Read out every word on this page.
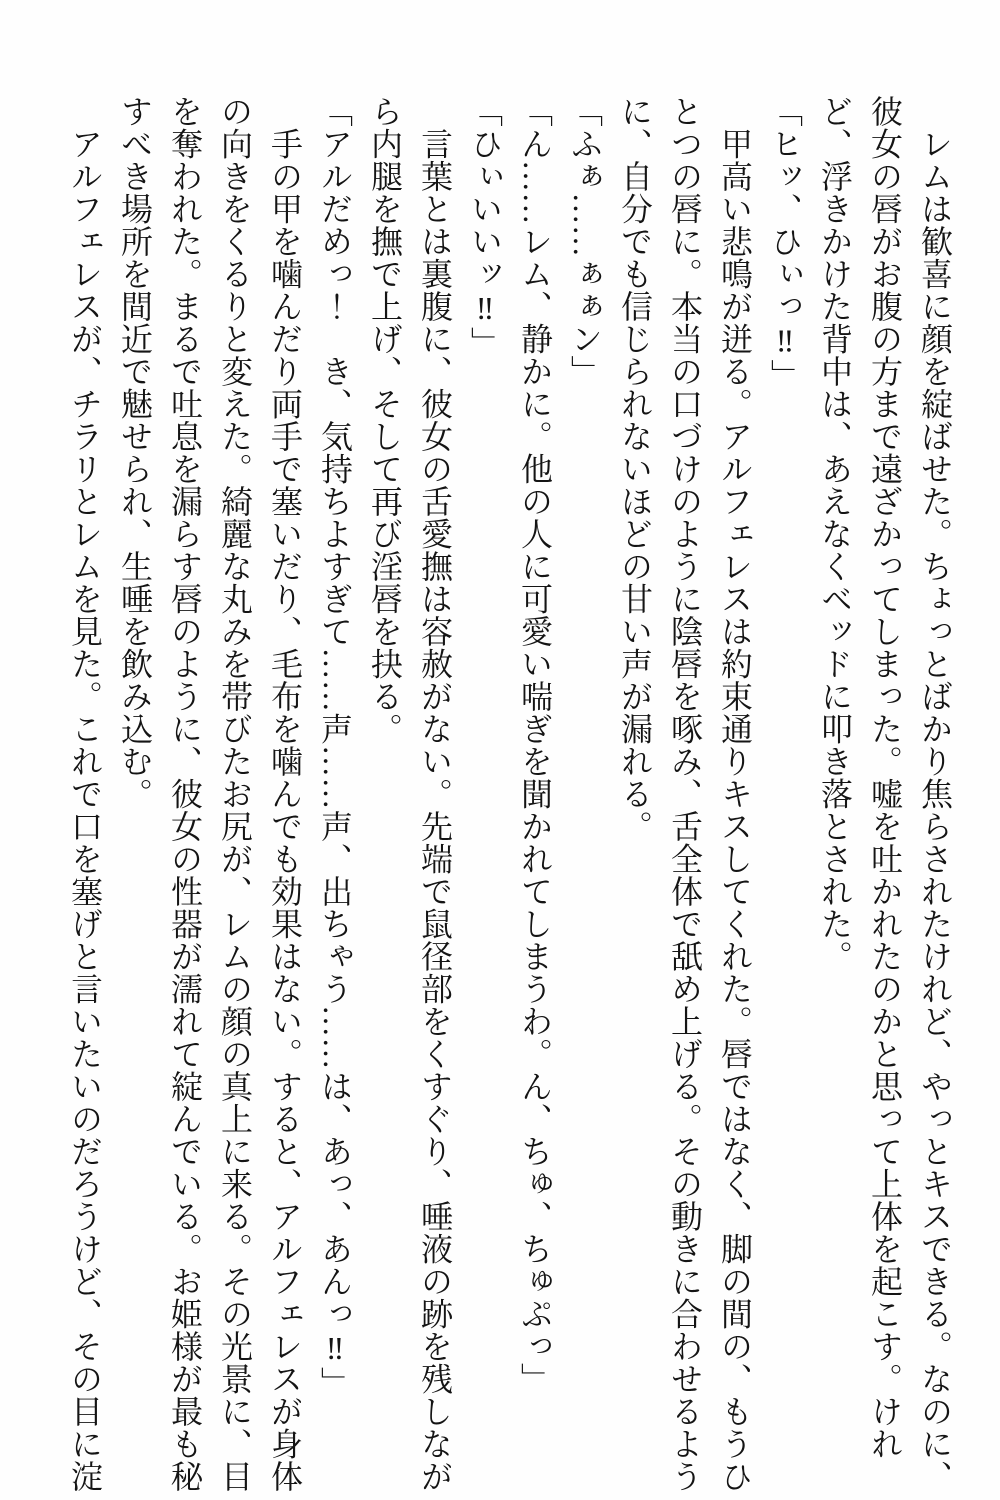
　レムは歓喜に顔を綻ばせた。ちょっとばかり焦らされたけれど、やっとキスできる。なのに、

彼女の唇がお腹の方まで遠ざかってしまった。嘘を吐かれたのかと思って上体を起こす。けれ

ど、浮きかけた背中は、あえなくベッドに叩き落とされた。

「ヒッ、ひぃっ‼」

　甲高い悲鳴が迸る。アルフェレスは約束通りキスしてくれた。唇ではなく、脚の間の、もうひ

とつの唇に。本当の口づけのように陰唇を啄み、舌全体で舐め上げる。その動きに合わせるよう

に、自分でも信じられないほどの甘い声が漏れる。

「ふぁ……ぁぁン」

「ん……レム、静かに。他の人に可愛い喘ぎを聞かれてしまうわ。ん、ちゅ、ちゅぷっ」

「ひぃいいッ‼」

　言葉とは裏腹に、彼女の舌愛撫は容赦がない。先端で鼠径部をくすぐり、唾液の跡を残しなが

ら内腿を撫で上げ、そして再び淫唇を抉る。

「アルだめっ！　き、気持ちよすぎて……声……声、出ちゃう……は、あっ、あんっ‼」

　手の甲を噛んだり両手で塞いだり、毛布を噛んでも効果はない。すると、アルフェレスが身体

の向きをくるりと変えた。綺麗な丸みを帯びたお尻が、レムの顔の真上に来る。その光景に、目

を奪われた。まるで吐息を漏らす唇のように、彼女の性器が濡れて綻んでいる。お姫様が最も秘

すべき場所を間近で魅せられ、生唾を飲み込む。

　アルフェレスが、チラリとレムを見た。これで口を塞げと言いたいのだろうけど、その目に淀
